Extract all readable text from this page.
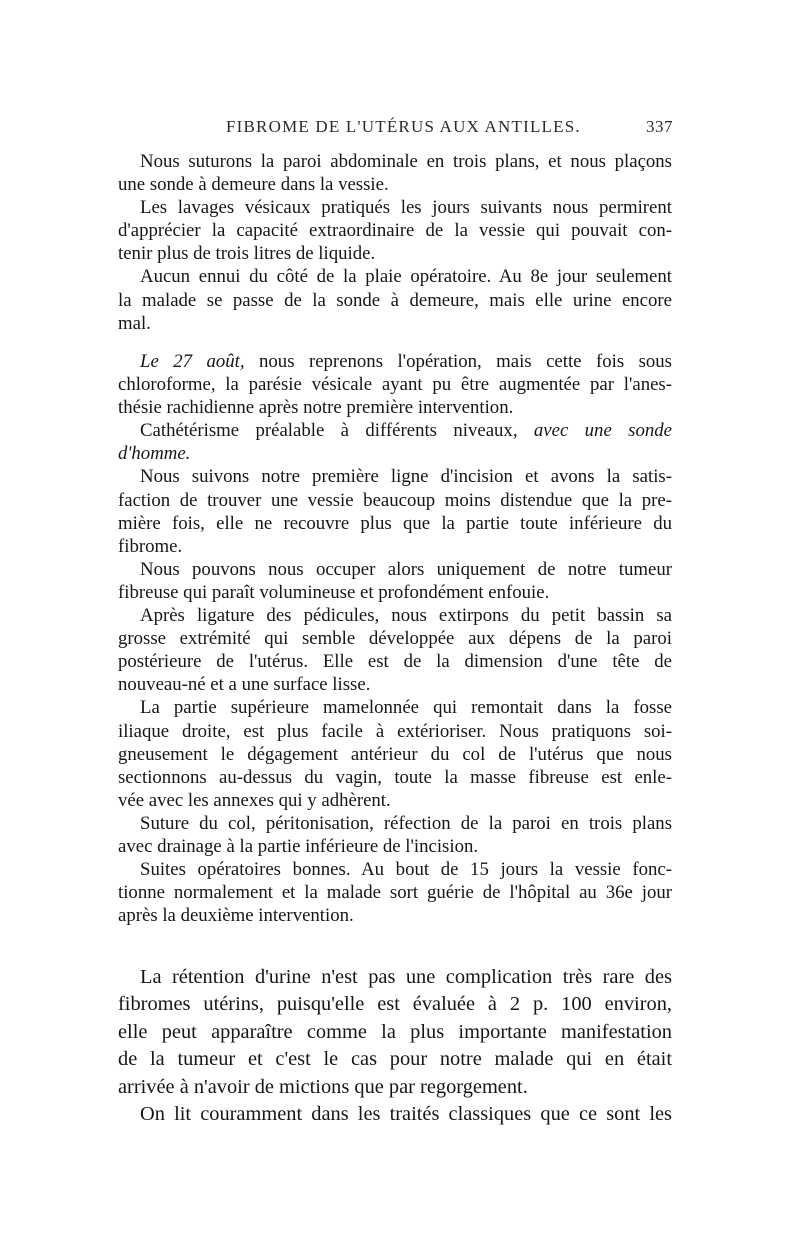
FIBROME DE L'UTÉRUS AUX ANTILLES.	337
Nous suturons la paroi abdominale en trois plans, et nous plaçons
une sonde à demeure dans la vessie.
Les lavages vésicaux pratiqués les jours suivants nous permirent
d'apprécier la capacité extraordinaire de la vessie qui pouvait con-
tenir plus de trois litres de liquide.
Aucun ennui du côté de la plaie opératoire. Au 8e jour seulement
la malade se passe de la sonde à demeure, mais elle urine encore
mal.
Le 27 août, nous reprenons l'opération, mais cette fois sous
chloroforme, la parésie vésicale ayant pu être augmentée par l'anes-
thésie rachidienne après notre première intervention.
Cathétérisme préalable à différents niveaux, avec une sonde
d'homme.
Nous suivons notre première ligne d'incision et avons la satis-
faction de trouver une vessie beaucoup moins distendue que la pre-
mière fois, elle ne recouvre plus que la partie toute inférieure du
fibrome.
Nous pouvons nous occuper alors uniquement de notre tumeur
fibreuse qui paraît volumineuse et profondément enfouie.
Après ligature des pédicules, nous extirpons du petit bassin sa
grosse extrémité qui semble développée aux dépens de la paroi
postérieure de l'utérus. Elle est de la dimension d'une tête de
nouveau-né et a une surface lisse.
La partie supérieure mamelonnée qui remontait dans la fosse
iliaque droite, est plus facile à extérioriser. Nous pratiquons soi-
gneusement le dégagement antérieur du col de l'utérus que nous
sectionnons au-dessus du vagin, toute la masse fibreuse est enle-
vée avec les annexes qui y adhèrent.
Suture du col, péritonisation, réfection de la paroi en trois plans
avec drainage à la partie inférieure de l'incision.
Suites opératoires bonnes. Au bout de 15 jours la vessie fonc-
tionne normalement et la malade sort guérie de l'hôpital au 36e jour
après la deuxième intervention.
La rétention d'urine n'est pas une complication très rare des
fibromes utérins, puisqu'elle est évaluée à 2 p. 100 environ,
elle peut apparaître comme la plus importante manifestation
de la tumeur et c'est le cas pour notre malade qui en était
arrivée à n'avoir de mictions que par regorgement.
On lit couramment dans les traités classiques que ce sont les
